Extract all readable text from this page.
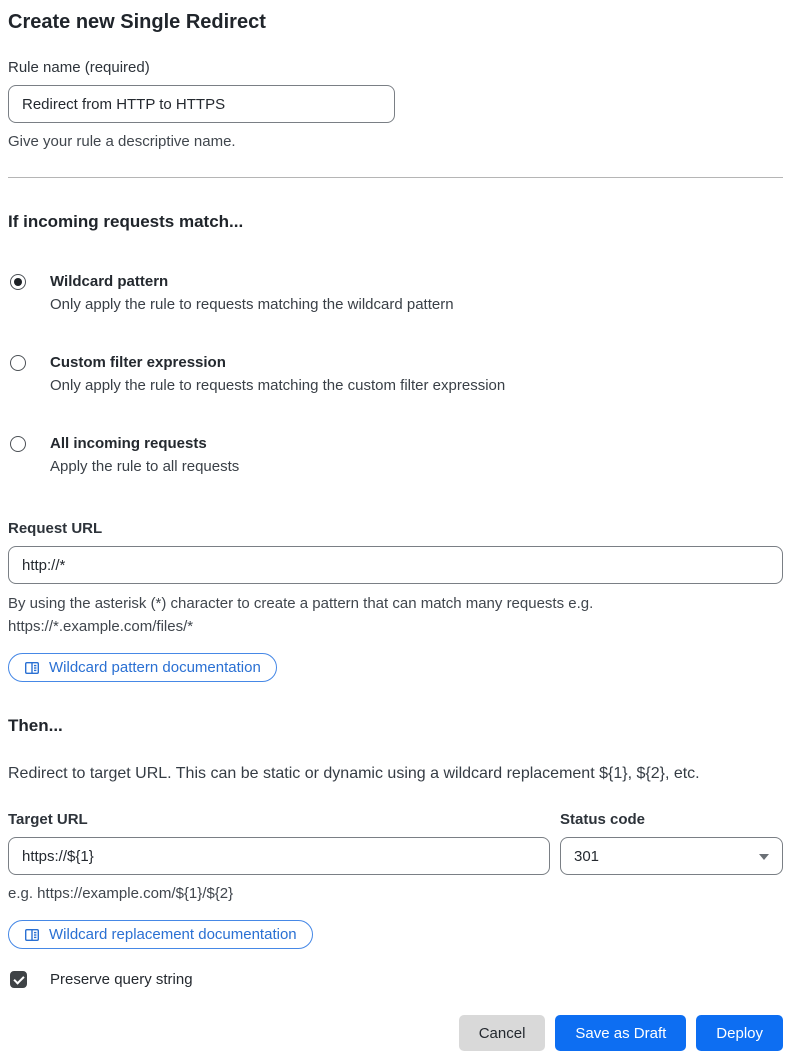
Create new Single Redirect
Rule name (required)
Redirect from HTTP to HTTPS
Give your rule a descriptive name.
If incoming requests match...
Wildcard pattern
Only apply the rule to requests matching the wildcard pattern
Custom filter expression
Only apply the rule to requests matching the custom filter expression
All incoming requests
Apply the rule to all requests
Request URL
http://*
By using the asterisk (*) character to create a pattern that can match many requests e.g.
https://*.example.com/files/*
Wildcard pattern documentation
Then...

Redirect to target URL. This can be static or dynamic using a wildcard replacement ${1}, ${2}, etc.

Target URL
https://${1}	Status code
301
e.g. https://example.com/${1}/${2}
Wildcard replacement documentation
Preserve query string
Cancel	Save as Draft	Deploy
